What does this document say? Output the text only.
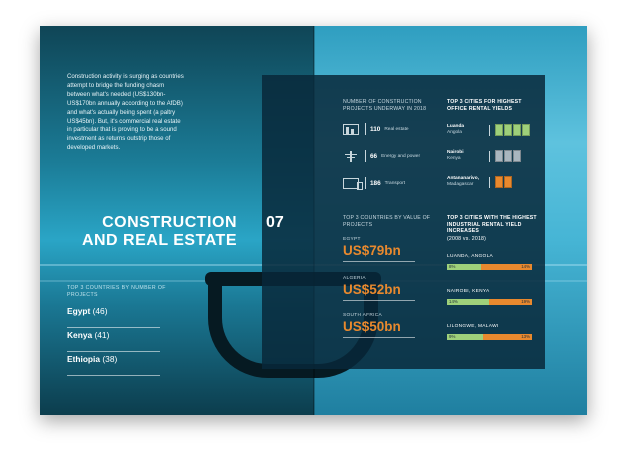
Construction activity is surging as countries attempt to bridge the funding chasm between what's needed (US$130bn-US$170bn annually according to the AfDB) and what's actually being spent (a paltry US$45bn). But, it's commercial real estate in particular that is proving to be a sound investment as returns outstrip those of developed markets.
CONSTRUCTION
AND REAL ESTATE
TOP 3 COUNTRIES BY NUMBER OF PROJECTS
Egypt (46)
Kenya (41)
Ethiopia (38)
07
NUMBER OF CONSTRUCTION PROJECTS UNDERWAY IN 2018
110 Real estate
66 Energy and power
186 Transport
TOP 3 CITIES FOR HIGHEST OFFICE RENTAL YIELDS
Luanda
Angola
Nairobi
Kenya
Antananarivo,
Madagascar
TOP 3 COUNTRIES BY VALUE OF PROJECTS
EGYPT
US$79bn
ALGERIA
US$52bn
SOUTH AFRICA
US$50bn
TOP 3 CITIES WITH THE HIGHEST INDUSTRIAL RENTAL YIELD INCREASES
(2008 vs. 2018)
LUANDA, ANGOLA
8%	14%
NAIROBI, KENYA
14%	19%
LILONGWE, MALAWI
9%	13%
